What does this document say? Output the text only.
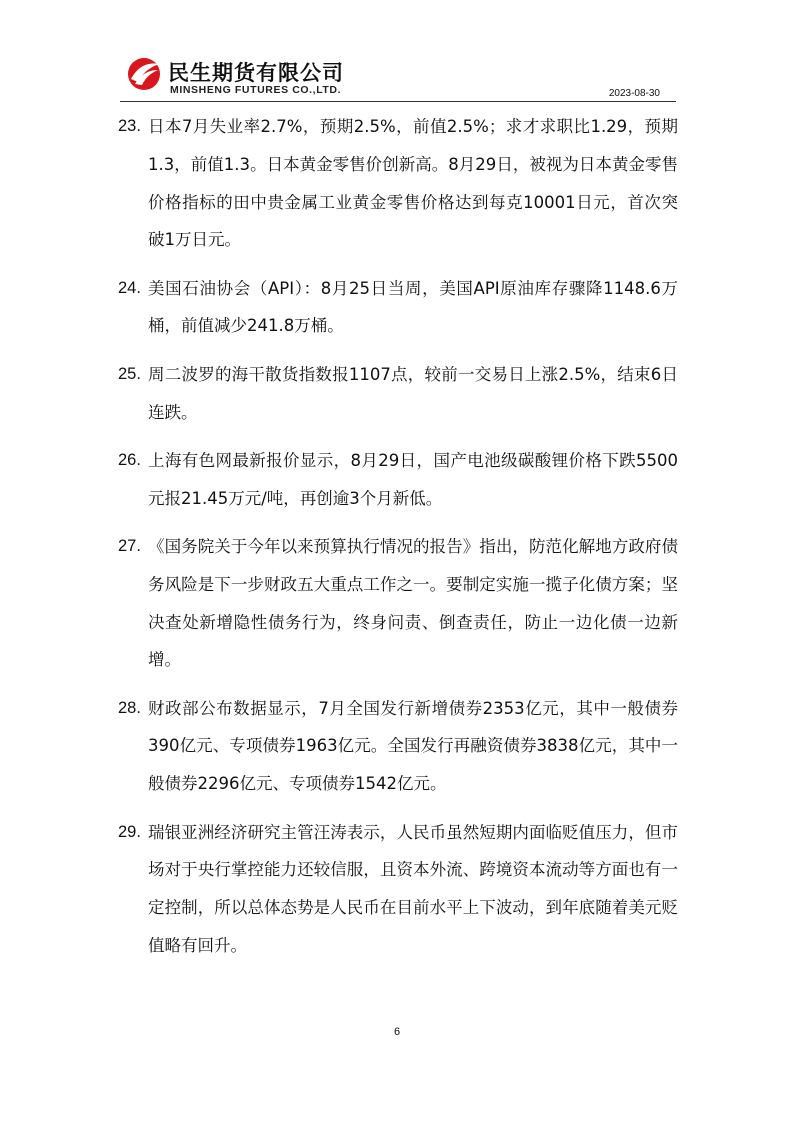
民生期货有限公司
MINSHENG FUTURES CO.,LTD.	2023-08-30
23. 日本7月失业率2.7%，预期2.5%，前值2.5%；求才求职比1.29，预期1.3，前值1.3。日本黄金零售价创新高。8月29日，被视为日本黄金零售价格指标的田中贵金属工业黄金零售价格达到每克10001日元，首次突破1万日元。

24. 美国石油协会（API）：8月25日当周，美国API原油库存骤降1148.6万桶，前值减少241.8万桶。

25. 周二波罗的海干散货指数报1107点，较前一交易日上涨2.5%，结束6日连跌。

26. 上海有色网最新报价显示，8月29日，国产电池级碳酸锂价格下跌5500元报21.45万元/吨，再创逾3个月新低。

27. 《国务院关于今年以来预算执行情况的报告》指出，防范化解地方政府债务风险是下一步财政五大重点工作之一。要制定实施一揽子化债方案；坚决查处新增隐性债务行为，终身问责、倒查责任，防止一边化债一边新增。

28. 财政部公布数据显示，7月全国发行新增债券2353亿元，其中一般债券390亿元、专项债券1963亿元。全国发行再融资债券3838亿元，其中一般债券2296亿元、专项债券1542亿元。

29. 瑞银亚洲经济研究主管汪涛表示，人民币虽然短期内面临贬值压力，但市场对于央行掌控能力还较信服，且资本外流、跨境资本流动等方面也有一定控制，所以总体态势是人民币在目前水平上下波动，到年底随着美元贬值略有回升。

6
